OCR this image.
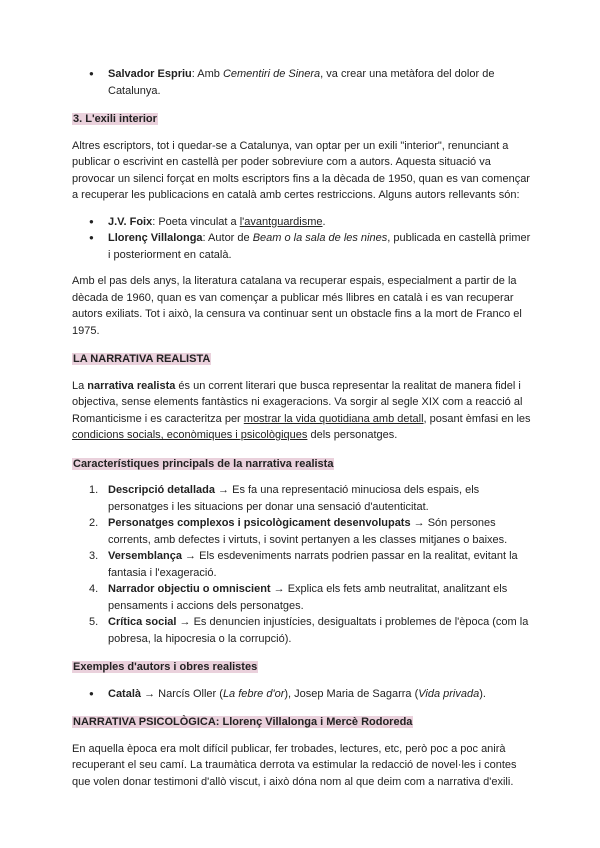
● Salvador Espriu: Amb Cementiri de Sinera, va crear una metàfora del dolor de Catalunya.

3. L'exili interior

Altres escriptors, tot i quedar-se a Catalunya, van optar per un exili "interior", renunciant a publicar o escrivint en castellà per poder sobreviure com a autors. Aquesta situació va provocar un silenci forçat en molts escriptors fins a la dècada de 1950, quan es van començar a recuperar les publicacions en català amb certes restriccions. Alguns autors rellevants són:

● J.V. Foix: Poeta vinculat a l'avantguardisme.
● Llorenç Villalonga: Autor de Beam o la sala de les nines, publicada en castellà primer i posteriorment en català.

Amb el pas dels anys, la literatura catalana va recuperar espais, especialment a partir de la dècada de 1960, quan es van començar a publicar més llibres en català i es van recuperar autors exiliats. Tot i això, la censura va continuar sent un obstacle fins a la mort de Franco el 1975.

LA NARRATIVA REALISTA

La narrativa realista és un corrent literari que busca representar la realitat de manera fidel i objectiva, sense elements fantàstics ni exageracions. Va sorgir al segle XIX com a reacció al Romanticisme i es caracteritza per mostrar la vida quotidiana amb detall, posant èmfasi en les condicions socials, econòmiques i psicològiques dels personatges.

Característiques principals de la narrativa realista

1. Descripció detallada → Es fa una representació minuciosa dels espais, els personatges i les situacions per donar una sensació d'autenticitat.
2. Personatges complexos i psicològicament desenvolupats → Són persones corrents, amb defectes i virtuts, i sovint pertanyen a les classes mitjanes o baixes.
3. Versemblança → Els esdeveniments narrats podrien passar en la realitat, evitant la fantasia i l'exageració.
4. Narrador objectiu o omniscient → Explica els fets amb neutralitat, analitzant els pensaments i accions dels personatges.
5. Crítica social → Es denuncien injustícies, desigualtats i problemes de l'època (com la pobresa, la hipocresia o la corrupció).

Exemples d'autors i obres realistes

● Català → Narcís Oller (La febre d'or), Josep Maria de Sagarra (Vida privada).

NARRATIVA PSICOLÒGICA: Llorenç Villalonga i Mercè Rodoreda

En aquella època era molt difícil publicar, fer trobades, lectures, etc, però poc a poc anirà recuperant el seu camí. La traumàtica derrota va estimular la redacció de novel·les i contes que volen donar testimoni d'allò viscut, i això dóna nom al que deim com a narrativa d'exili.
